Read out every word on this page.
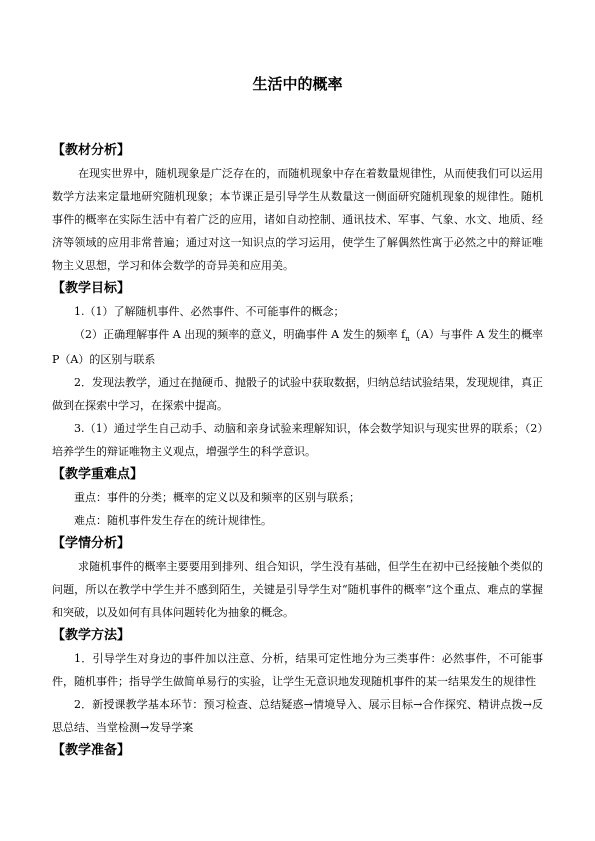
生活中的概率
【教材分析】

在现实世界中，随机现象是广泛存在的，而随机现象中存在着数量规律性，从而使我们可以运用数学方法来定量地研究随机现象；本节课正是引导学生从数量这一侧面研究随机现象的规律性。随机事件的概率在实际生活中有着广泛的应用，诸如自动控制、通讯技术、军事、气象、水文、地质、经济等领域的应用非常普遍；通过对这一知识点的学习运用，使学生了解偶然性寓于必然之中的辩证唯物主义思想，学习和体会数学的奇异美和应用美。

【教学目标】

1.（1）了解随机事件、必然事件、不可能事件的概念；

（2）正确理解事件 A 出现的频率的意义，明确事件 A 发生的频率 $f_n(A)$与事件 A 发生的概率 P（A）的区别与联系

2．发现法教学，通过在抛硬币、抛骰子的试验中获取数据，归纳总结试验结果，发现规律，真正做到在探索中学习，在探索中提高。

3.（1）通过学生自己动手、动脑和亲身试验来理解知识，体会数学知识与现实世界的联系；（2）培养学生的辩证唯物主义观点，增强学生的科学意识。

【教学重难点】

重点：事件的分类；概率的定义以及和频率的区别与联系；

难点：随机事件发生存在的统计规律性。

【学情分析】

求随机事件的概率主要要用到排列、组合知识，学生没有基础，但学生在初中已经接触个类似的问题，所以在教学中学生并不感到陌生，关键是引导学生对“随机事件的概率”这个重点、难点的掌握和突破，以及如何有具体问题转化为抽象的概念。

【教学方法】

1．引导学生对身边的事件加以注意、分析，结果可定性地分为三类事件：必然事件，不可能事件，随机事件；指导学生做简单易行的实验，让学生无意识地发现随机事件的某一结果发生的规律性

2．新授课教学基本环节：预习检查、总结疑惑→情境导入、展示目标→合作探究、精讲点拨→反思总结、当堂检测→发导学案

【教学准备】
